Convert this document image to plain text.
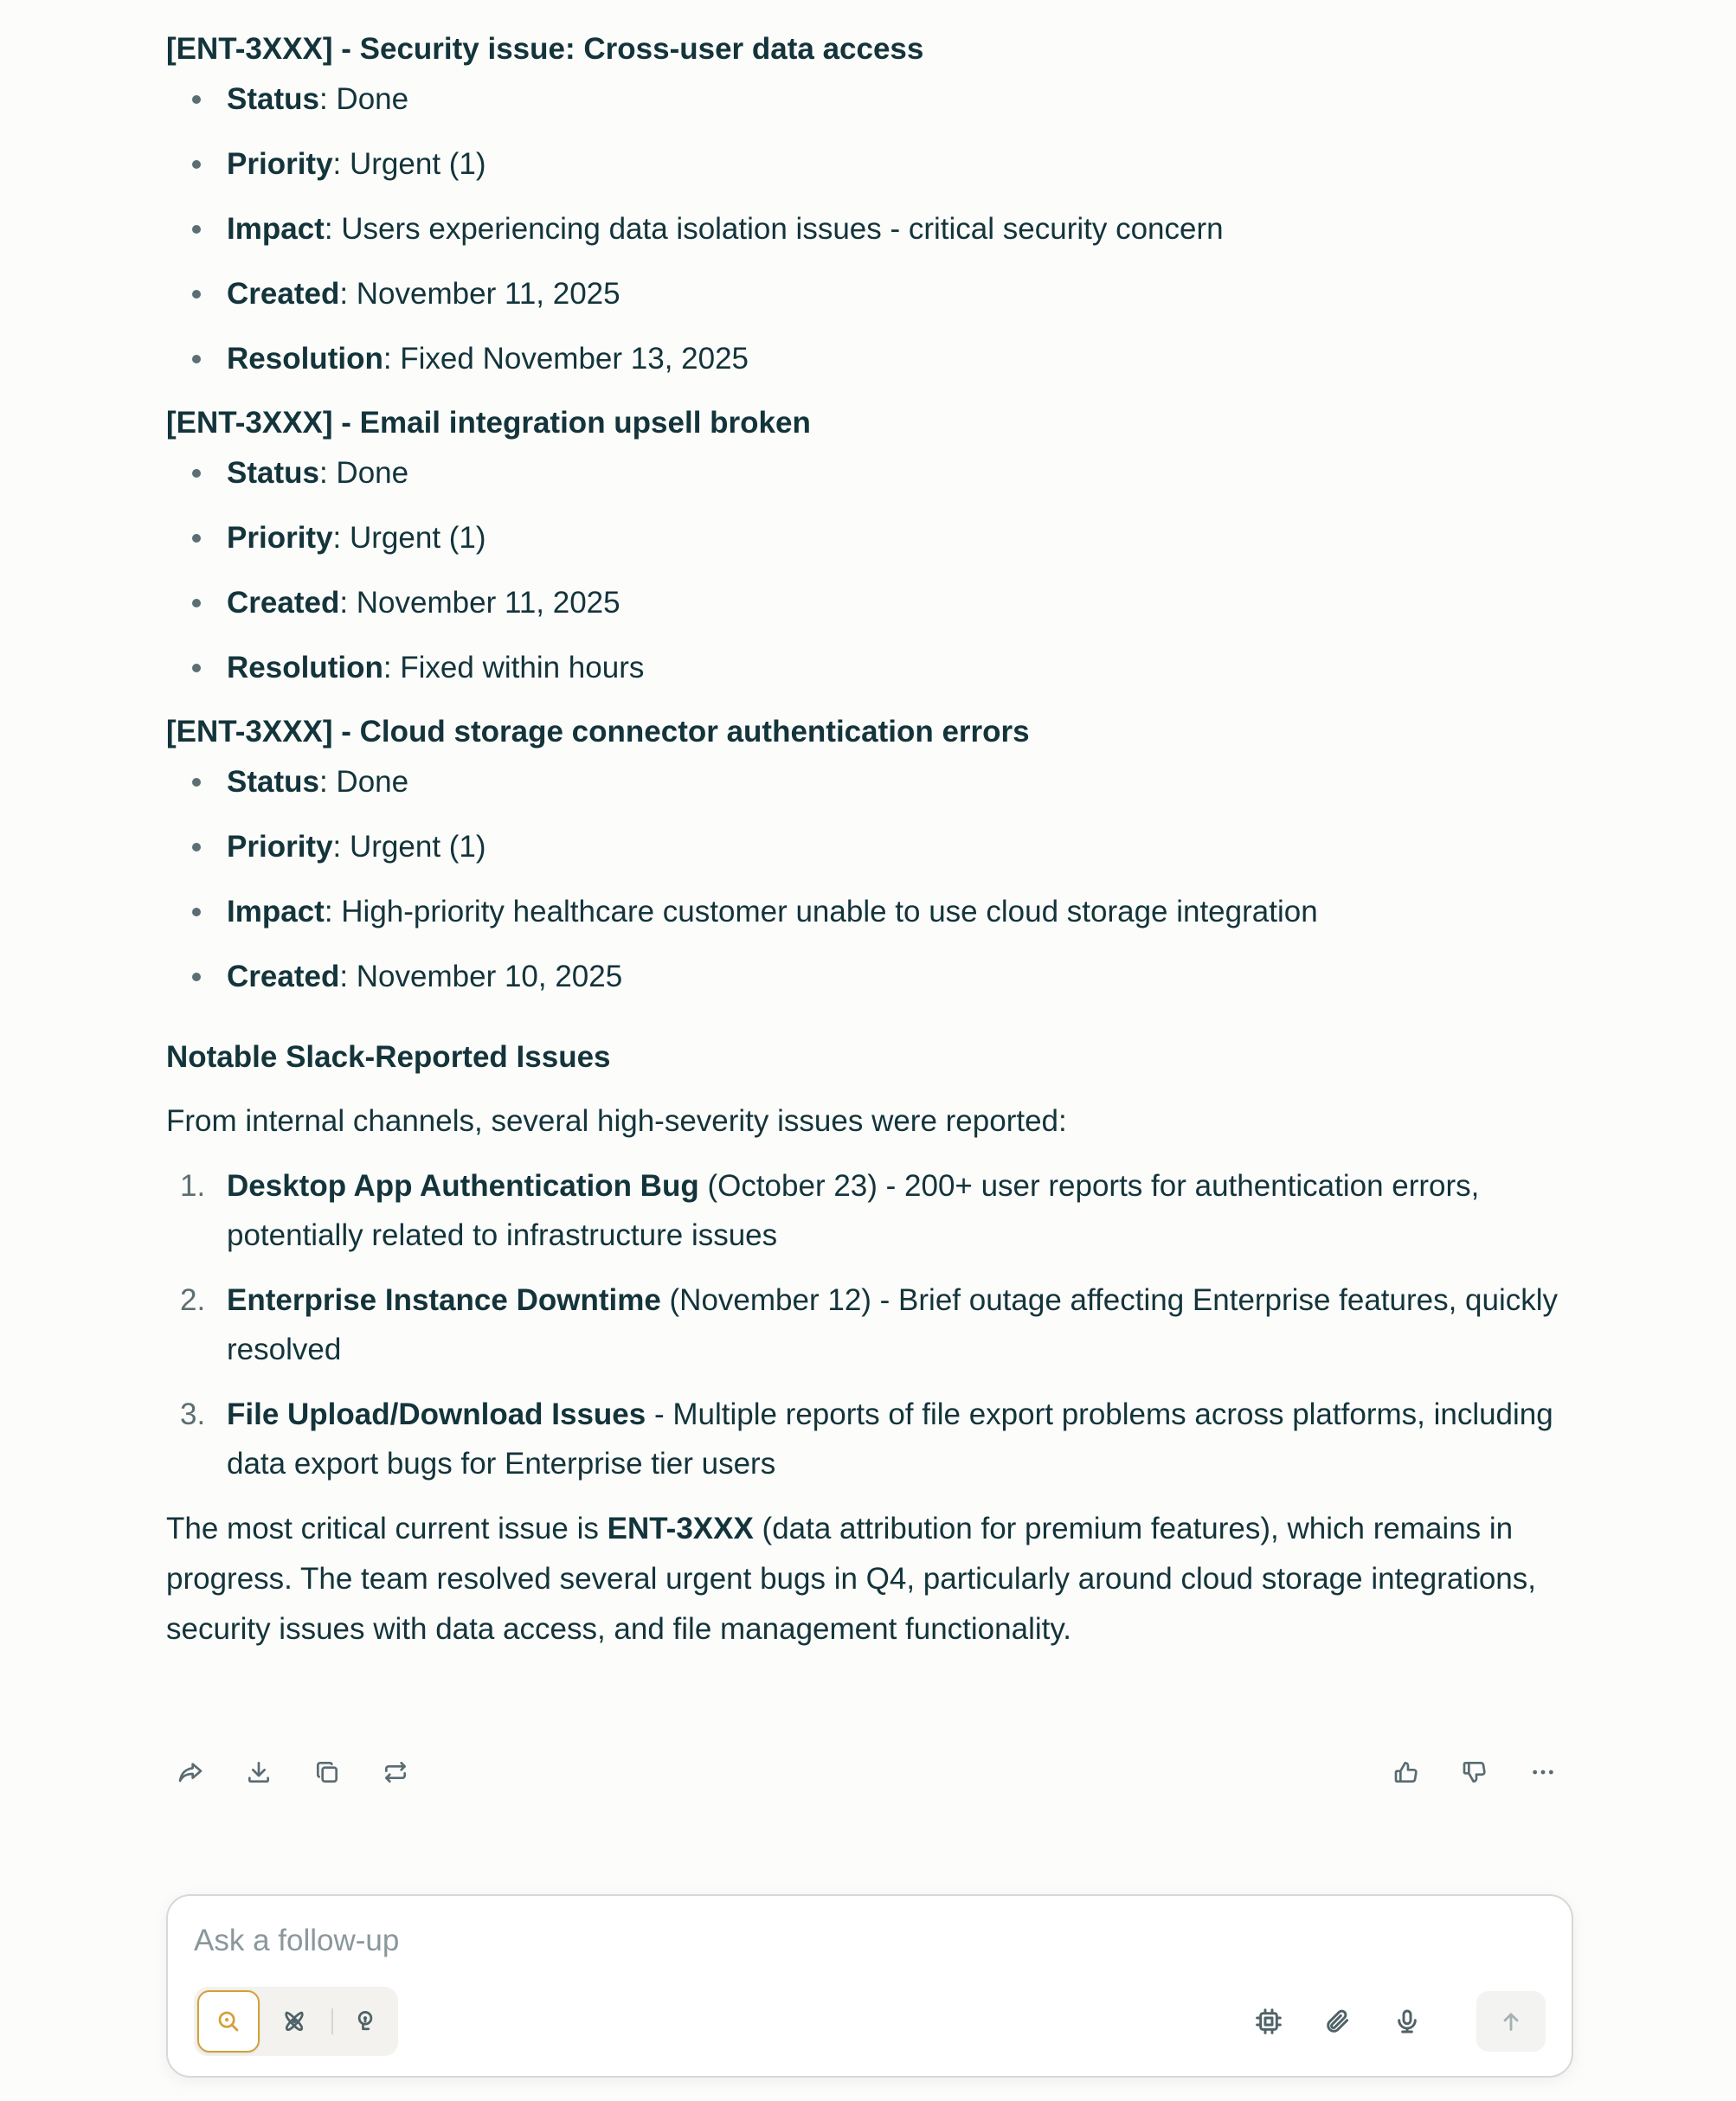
[ENT-3XXX] - Security issue: Cross-user data access
Status: Done
Priority: Urgent (1)
Impact: Users experiencing data isolation issues - critical security concern
Created: November 11, 2025
Resolution: Fixed November 13, 2025
[ENT-3XXX] - Email integration upsell broken
Status: Done
Priority: Urgent (1)
Created: November 11, 2025
Resolution: Fixed within hours
[ENT-3XXX] - Cloud storage connector authentication errors
Status: Done
Priority: Urgent (1)
Impact: High-priority healthcare customer unable to use cloud storage integration
Created: November 10, 2025
Notable Slack-Reported Issues
From internal channels, several high-severity issues were reported:
1. Desktop App Authentication Bug (October 23) - 200+ user reports for authentication errors, potentially related to infrastructure issues
2. Enterprise Instance Downtime (November 12) - Brief outage affecting Enterprise features, quickly resolved
3. File Upload/Download Issues - Multiple reports of file export problems across platforms, including data export bugs for Enterprise tier users
The most critical current issue is ENT-3XXX (data attribution for premium features), which remains in progress. The team resolved several urgent bugs in Q4, particularly around cloud storage integrations, security issues with data access, and file management functionality.
Ask a follow-up
